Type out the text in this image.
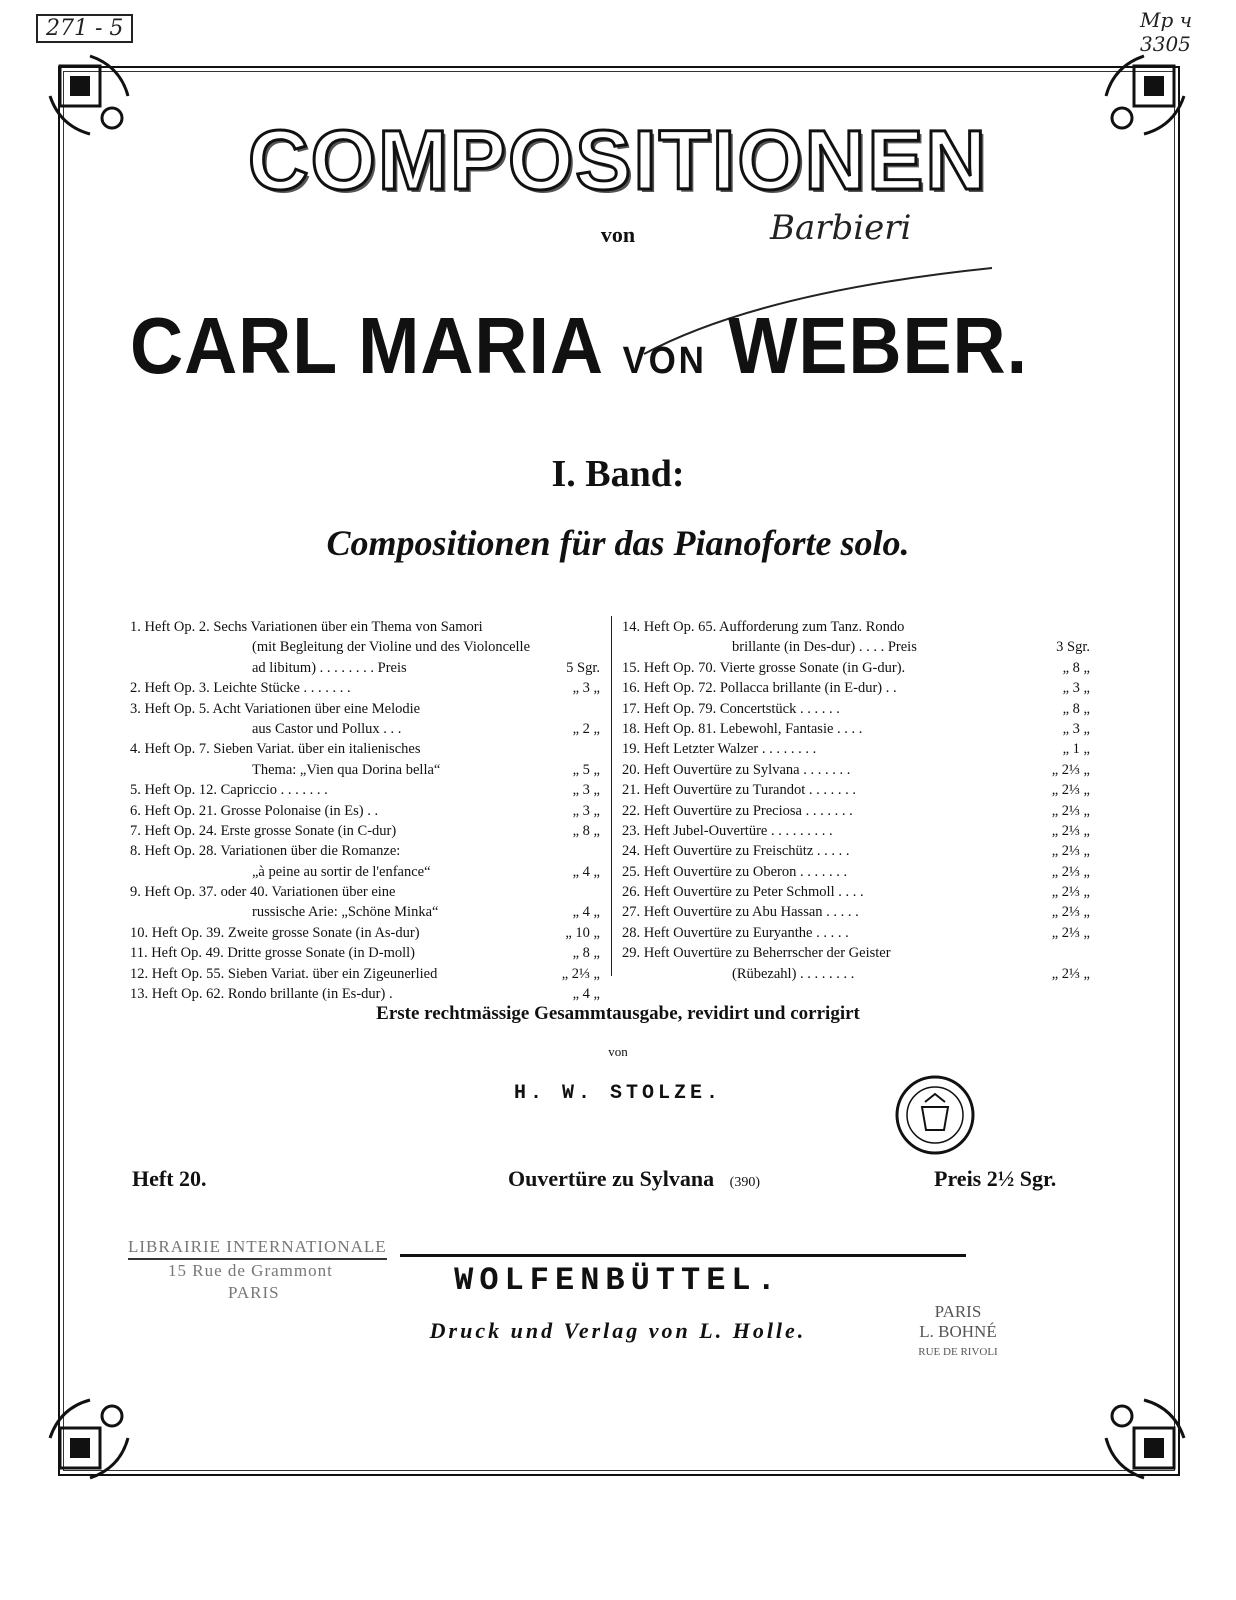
271 - 5	Mp ч 3305
COMPOSITIONEN
von	Barbieri
CARL MARIA VON WEBER.
I. Band:
Compositionen für das Pianoforte solo.
1. Heft Op. 2. Sechs Variationen über ein Thema von Samori
(mit Begleitung der Violine und des Violoncelle
ad libitum) . . . . . . . . Preis	5 Sgr.
2. Heft Op. 3. Leichte Stücke . . . . . . .	„ 3 „
3. Heft Op. 5. Acht Variationen über eine Melodie
aus Castor und Pollux . . .	„ 2 „
4. Heft Op. 7. Sieben Variat. über ein italienisches
Thema: „Vien qua Dorina bella“	„ 5 „
5. Heft Op. 12. Capriccio . . . . . . .	„ 3 „
6. Heft Op. 21. Grosse Polonaise (in Es) . .	„ 3 „
7. Heft Op. 24. Erste grosse Sonate (in C-dur)	„ 8 „
8. Heft Op. 28. Variationen über die Romanze:
„à peine au sortir de l'enfance“	„ 4 „
9. Heft Op. 37. oder 40. Variationen über eine
russische Arie: „Schöne Minka“	„ 4 „
10. Heft Op. 39. Zweite grosse Sonate (in As-dur)	„ 10 „
11. Heft Op. 49. Dritte grosse Sonate (in D-moll)	„ 8 „
12. Heft Op. 55. Sieben Variat. über ein Zigeunerlied	„ 2⅓ „
13. Heft Op. 62. Rondo brillante (in Es-dur) .	„ 4 „
14. Heft Op. 65. Aufforderung zum Tanz. Rondo
brillante (in Des-dur) . . . . Preis	3 Sgr.
15. Heft Op. 70. Vierte grosse Sonate (in G-dur).	„ 8 „
16. Heft Op. 72. Pollacca brillante (in E-dur) . .	„ 3 „
17. Heft Op. 79. Concertstück . . . . . .	„ 8 „
18. Heft Op. 81. Lebewohl, Fantasie . . . .	„ 3 „
19. Heft Letzter Walzer . . . . . . . .	„ 1 „
20. Heft Ouvertüre zu Sylvana . . . . . . .	„ 2⅓ „
21. Heft Ouvertüre zu Turandot . . . . . . .	„ 2⅓ „
22. Heft Ouvertüre zu Preciosa . . . . . . .	„ 2⅓ „
23. Heft Jubel-Ouvertüre . . . . . . . . .	„ 2⅓ „
24. Heft Ouvertüre zu Freischütz . . . . .	„ 2⅓ „
25. Heft Ouvertüre zu Oberon . . . . . . .	„ 2⅓ „
26. Heft Ouvertüre zu Peter Schmoll . . . .	„ 2⅓ „
27. Heft Ouvertüre zu Abu Hassan . . . . .	„ 2⅓ „
28. Heft Ouvertüre zu Euryanthe . . . . .	„ 2⅓ „
29. Heft Ouvertüre zu Beherrscher der Geister
(Rübezahl) . . . . . . . .	„ 2⅓ „
Erste rechtmässige Gesammtausgabe, revidirt und corrigirt
von
H. W. STOLZE.
Heft 20.	Ouvertüre zu Sylvana (390)	Preis 2½ Sgr.
LIBRAIRIE INTERNATIONALE
15 Rue de Grammont
PARIS	WOLFENBÜTTEL.
Druck und Verlag von L. Holle.
PARIS
L. BOHNÉ
RUE DE RIVOLI
